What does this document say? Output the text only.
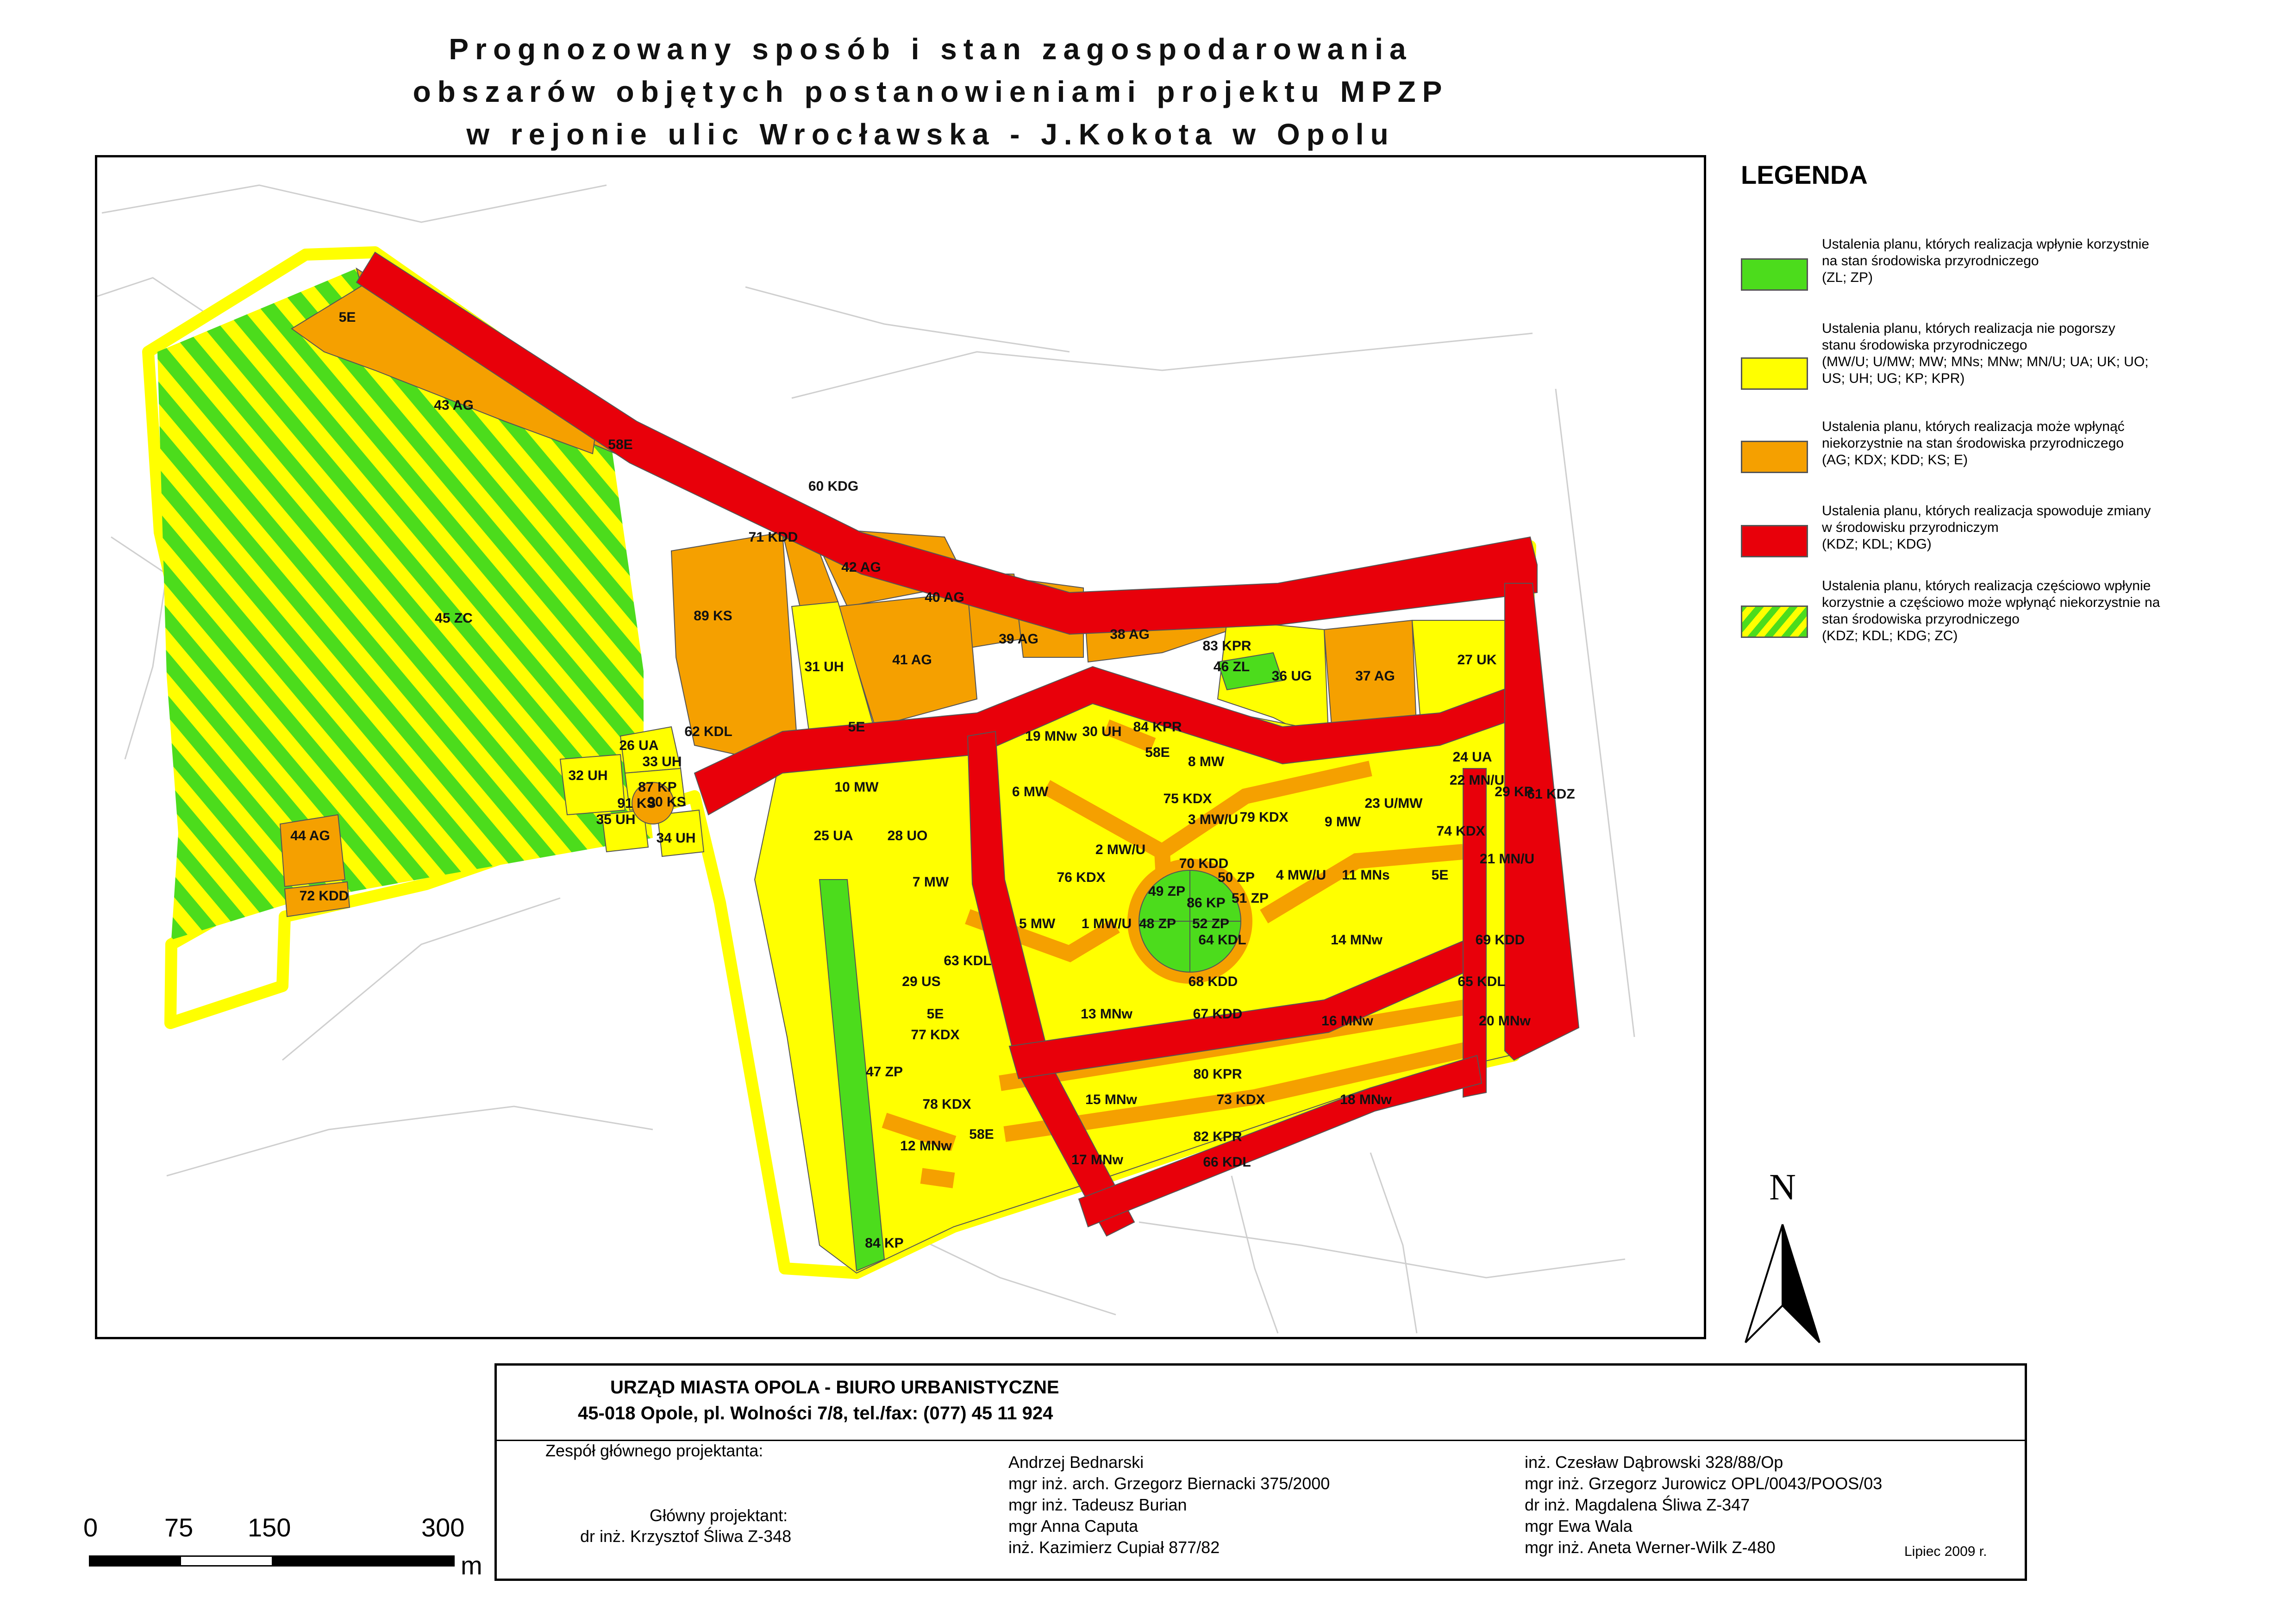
Prognozowany sposób i stan zagospodarowania
obszarów objętych postanowieniami projektu MPZP
w rejonie ulic Wrocławska - J.Kokota w Opolu
5E
43 AG
58E
60 KDG
45 ZC
71 KDD
42 AG
40 AG
89 KS
39 AG	38 AG
83 KPR
46 ZL
36 UG	37 AG
27 UK
31 UH	41 AG
62 KDL	5E
19 MNw 30 UH 84 KPR
58E	24 UA
32 UH
26 UA
33 UH
87 KP	10 MW	6 MW
8 MW
22 MN/U
29 KP
61 KDZ
91 KS
90 KS
35 UH
34 UH
75 KDX
3 MW/U 79 KDX	9 MW
23 U/MW
74 KDX
44 AG	25 UA 28 UO
2 MW/U
70 KDD
72 KDD
7 MW	76 KDX	50 ZP
49 ZP
4 MW/U 11 MNs	5E
21 MN/U
86 KP 51 ZP
48 ZP 52 ZP
5 MW 1 MW/U
64 KDL	14 MNw	69 KDD
63 KDL
29 US	68 KDD	65 KDL
5E	13 MNw	67 KDD
77 KDX
16 MNw	20 MNw
47 ZP	80 KPR
15 MNw	73 KDX	18 MNw
78 KDX
12 MNw
58E	82 KPR
17 MNw	66 KDL
84 KP
LEGENDA
Ustalenia planu, których realizacja wpłynie korzystnie
na stan środowiska przyrodniczego
(ZL; ZP)
Ustalenia planu, których realizacja nie pogorszy
stanu środowiska przyrodniczego
(MW/U; U/MW; MW; MNs; MNw; MN/U; UA; UK; UO;
US; UH; UG; KP; KPR)
Ustalenia planu, których realizacja może wpłynąć
niekorzystnie na stan środowiska przyrodniczego
(AG; KDX; KDD; KS; E)
Ustalenia planu, których realizacja spowoduje zmiany
w środowisku przyrodniczym
(KDZ; KDL; KDG)
Ustalenia planu, których realizacja częściowo wpłynie
korzystnie a częściowo może wpłynąć niekorzystnie na
stan środowiska przyrodniczego
(KDZ; KDL; KDG; ZC)
N
0	75 150	300
m
URZĄD MIASTA OPOLA - BIURO URBANISTYCZNE
45-018 Opole, pl. Wolności 7/8, tel./fax: (077) 45 11 924
Zespół głównego projektanta:
Główny projektant:
dr inż. Krzysztof Śliwa Z-348
Andrzej Bednarski
mgr inż. arch. Grzegorz Biernacki 375/2000
mgr inż. Tadeusz Burian
mgr Anna Caputa
inż. Kazimierz Cupiał 877/82
inż. Czesław Dąbrowski 328/88/Op
mgr inż. Grzegorz Jurowicz OPL/0043/POOS/03
dr inż. Magdalena Śliwa Z-347
mgr Ewa Wala
mgr inż. Aneta Werner-Wilk Z-480	Lipiec 2009 r.
